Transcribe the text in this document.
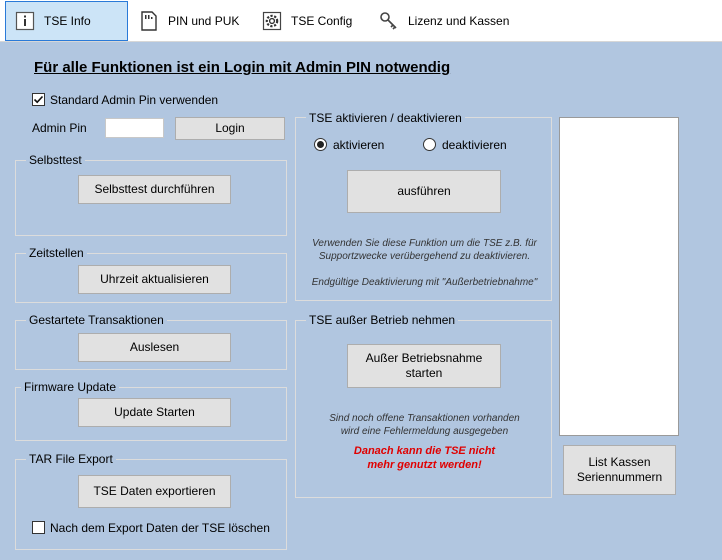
TSE Info	PIN und PUK	TSE Config	Lizenz und Kassen
Für alle Funktionen ist ein Login mit Admin PIN notwendig
Standard Admin Pin verwenden
Admin Pin	Login
Selbsttest
Selbsttest durchführen
Zeitstellen
Uhrzeit aktualisieren
Gestartete Transaktionen
Auslesen
Firmware Update
Update Starten
TAR File Export
TSE Daten exportieren
Nach dem Export Daten der TSE löschen
TSE aktivieren / deaktivieren
aktivieren	deaktivieren
ausführen
Verwenden Sie diese Funktion um die TSE z.B. für
Supportzwecke verübergehend zu deaktivieren.
Endgültige Deaktivierung mit "Außerbetriebnahme"
TSE außer Betrieb nehmen
Außer Betriebsnahme
starten
Sind noch offene Transaktionen vorhanden
wird eine Fehlermeldung ausgegeben
Danach kann die TSE nicht
mehr genutzt werden!	List Kassen
Seriennummern
